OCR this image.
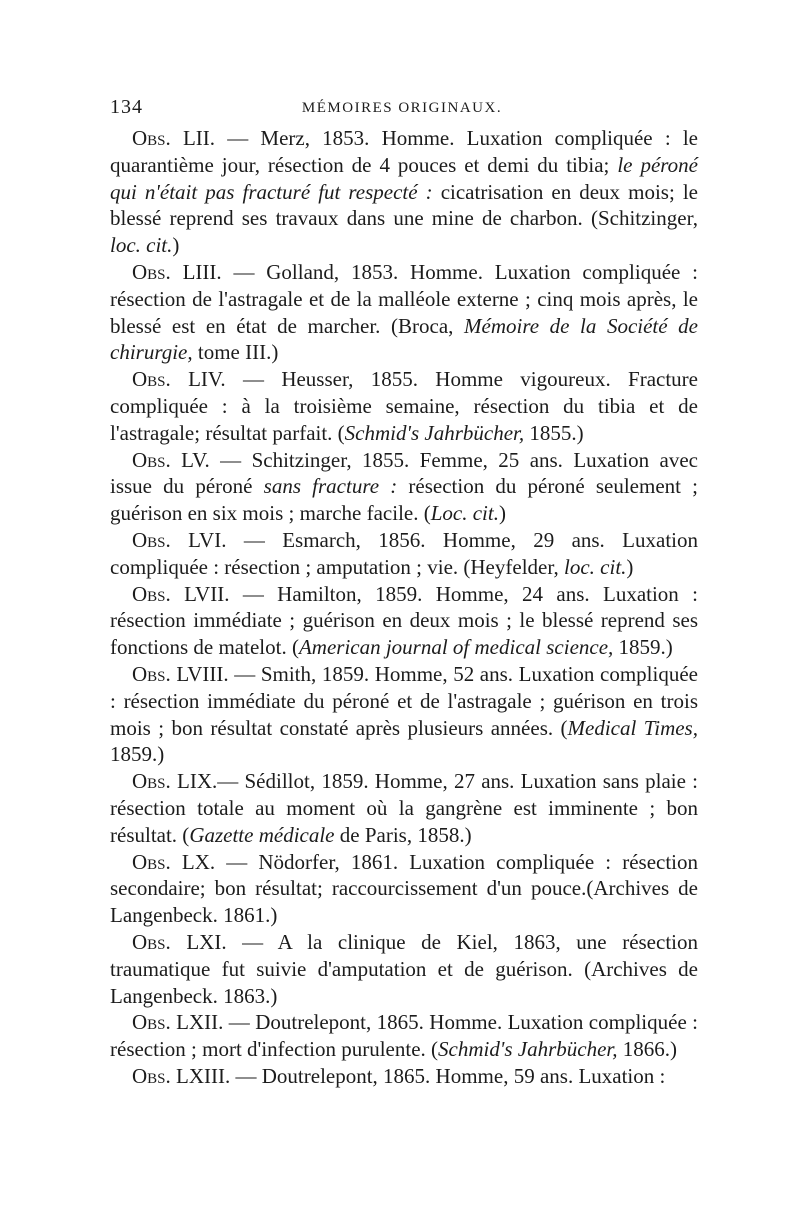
134	MÉMOIRES ORIGINAUX.

Obs. LII. — Merz, 1853. Homme. Luxation compliquée : le quarantième jour, résection de 4 pouces et demi du tibia; le péroné qui n'était pas fracturé fut respecté : cicatrisation en deux mois; le blessé reprend ses travaux dans une mine de charbon. (Schitzinger, loc. cit.)

Obs. LIII. — Golland, 1853. Homme. Luxation compliquée : résection de l'astragale et de la malléole externe ; cinq mois après, le blessé est en état de marcher. (Broca, Mémoire de la Société de chirurgie, tome III.)

Obs. LIV. — Heusser, 1855. Homme vigoureux. Fracture compliquée : à la troisième semaine, résection du tibia et de l'astragale; résultat parfait. (Schmid's Jahrbücher, 1855.)

Obs. LV. — Schitzinger, 1855. Femme, 25 ans. Luxation avec issue du péroné sans fracture : résection du péroné seulement ; guérison en six mois ; marche facile. (Loc. cit.)

Obs. LVI. — Esmarch, 1856. Homme, 29 ans. Luxation compliquée : résection ; amputation ; vie. (Heyfelder, loc. cit.)

Obs. LVII. — Hamilton, 1859. Homme, 24 ans. Luxation : résection immédiate ; guérison en deux mois ; le blessé reprend ses fonctions de matelot. (American journal of medical science, 1859.)

Obs. LVIII. — Smith, 1859. Homme, 52 ans. Luxation compliquée : résection immédiate du péroné et de l'astragale ; guérison en trois mois ; bon résultat constaté après plusieurs années. (Medical Times, 1859.)

Obs. LIX.— Sédillot, 1859. Homme, 27 ans. Luxation sans plaie : résection totale au moment où la gangrène est imminente ; bon résultat. (Gazette médicale de Paris, 1858.)

Obs. LX. — Nödorfer, 1861. Luxation compliquée : résection secondaire; bon résultat; raccourcissement d'un pouce.(Archives de Langenbeck. 1861.)

Obs. LXI. — A la clinique de Kiel, 1863, une résection traumatique fut suivie d'amputation et de guérison. (Archives de Langenbeck. 1863.)

Obs. LXII. — Doutrelepont, 1865. Homme. Luxation compliquée : résection ; mort d'infection purulente. (Schmid's Jahrbücher, 1866.)

Obs. LXIII. — Doutrelepont, 1865. Homme, 59 ans. Luxation :
